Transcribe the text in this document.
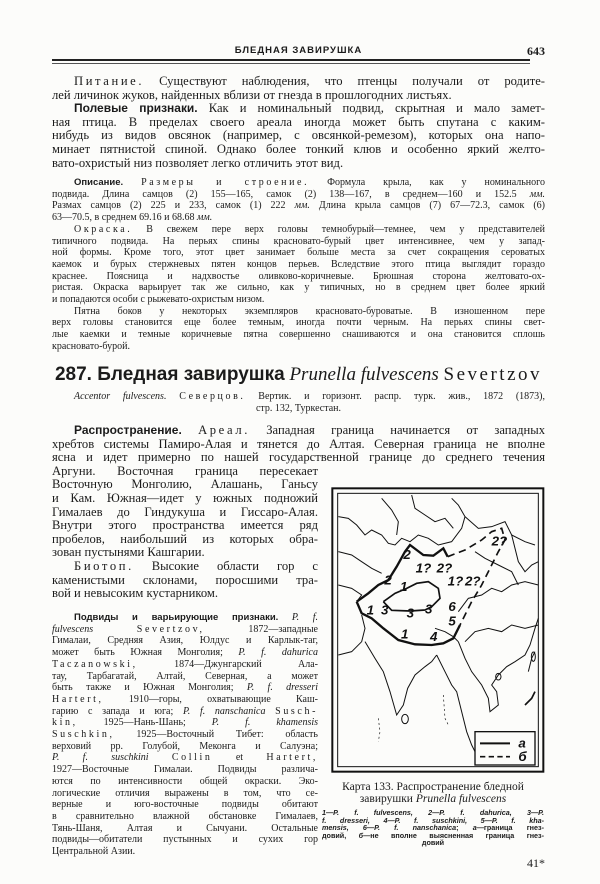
БЛЕДНАЯ ЗАВИРУШКА	643
Питание. Существуют наблюдения, что птенцы получали от родите-
лей личинок жуков, найденных вблизи от гнезда в прошлогодних листьях.
Полевые признаки. Как и номинальный подвид, скрытная и мало замет-
ная птица. В пределах своего ареала иногда может быть спутана с каким-
нибудь из видов овсянок (например, с овсянкой-ремезом), которых она напо-
минает пятнистой спиной. Однако более тонкий клюв и особенно яркий желто-
вато-охристый низ позволяет легко отличить этот вид.
Описание. Размеры и строение. Формула крыла, как у номинального
подвида. Длина самцов (2) 155—165, самок (2) 138—167, в среднем—160 и 152.5 мм.
Размах самцов (2) 225 и 233, самок (1) 222 мм. Длина крыла самцов (7) 67—72.3, самок (6)
63—70.5, в среднем 69.16 и 68.68 мм.
Окраска. В свежем пере верх головы темнобурый—темнее, чем у представителей
типичного подвида. На перьях спины красновато-бурый цвет интенсивнее, чем у запад-
ной формы. Кроме того, этот цвет занимает больше места за счет сокращения сероватых
каемок и бурых стержневых пятен концов перьев. Вследствие этого птица выглядит гораздо
краснее. Поясница и надхвостье оливково-коричневые. Брюшная сторона желтовато-ох-
ристая. Окраска варьирует так же сильно, как у типичных, но в среднем цвет более яркий
и попадаются особи с рыжевато-охристым низом.
Пятна боков у некоторых экземпляров красновато-буроватые. В изношенном пере
верх головы становится еще более темным, иногда почти черным. На перьях спины свет-
лые каемки и темные коричневые пятна совершенно снашиваются и она становится сплошь
красновато-бурой.
287. Бледная завирушка Prunella fulvescens Severtzov
Accentor fulvescens. Северцов. Вертик. и горизонт. распр. турк. жив., 1872 (1873),
стр. 132, Туркестан.
Распространение. Ареал. Западная граница начинается от западных
хребтов системы Памиро-Алая и тянется до Алтая. Северная граница не вполне
ясна и идет примерно по нашей государственной границе до среднего течения
Аргуни. Восточная граница пересекает
Восточную Монголию, Алашань, Ганьсу
и Кам. Южная—идет у южных подножий
Гималаев до Гиндукуша и Гиссаро-Алая.
Внутри этого пространства имеется ряд
пробелов, наибольший из которых обра-
зован пустынями Кашгарии.
Биотоп. Высокие области гор с
каменистыми склонами, поросшими тра-
вой и невысоким кустарником.
Подвиды и варьирующие признаки. P. f.
fulvescens	Severtzov, 1872—западные
Гималаи, Средняя Азия, Юлдус и Карлык-таг,
может быть Южная Монголия; P. f. dahurica
Taczanowski, 1874—Джунгарский Ала-
тау, Тарбагатай, Алтай, Северная, а может
быть также и Южная Монголия; P. f. dresseri
Hartert, 1910—горы, охватывающие Каш-
гарию с запада и юга; P. f. nanschanica Susch-
kin, 1925—Нань-Шань; P. f. khamensis
Suschkin, 1925—Восточный Тибет: область
верховий рр. Голубой, Меконга и Салуэна;
P. f. suschkini Collin et Hartert,
1927—Восточные Гималаи. Подвиды различа-
ются по интенсивности общей окраски. Эко-
логические отличия выражены в том, что се-
верные и юго-восточные подвиды обитают
в сравнительно влажной обстановке Гималаев,
Тянь-Шаня, Алтая и Сычуани. Остальные
подвиды—обитатели пустынных и сухих гор
Центральной Азии.
2
1? 2?
1? 2?
2?
2 1
1 3 3 3 6
5
1 4
а
б
Карта 133. Распространение бледной
завирушки Prunella fulvescens
1—P. f. fulvescens, 2—P. f. dahurica, 3—P.
f. dresseri, 4—P. f. suschkini, 5—P. f. kha-
mensis, 6—P. f. nanschanica; а—граница гнез-
довий, б—не вполне выясненная граница гнез-
довий
41*
